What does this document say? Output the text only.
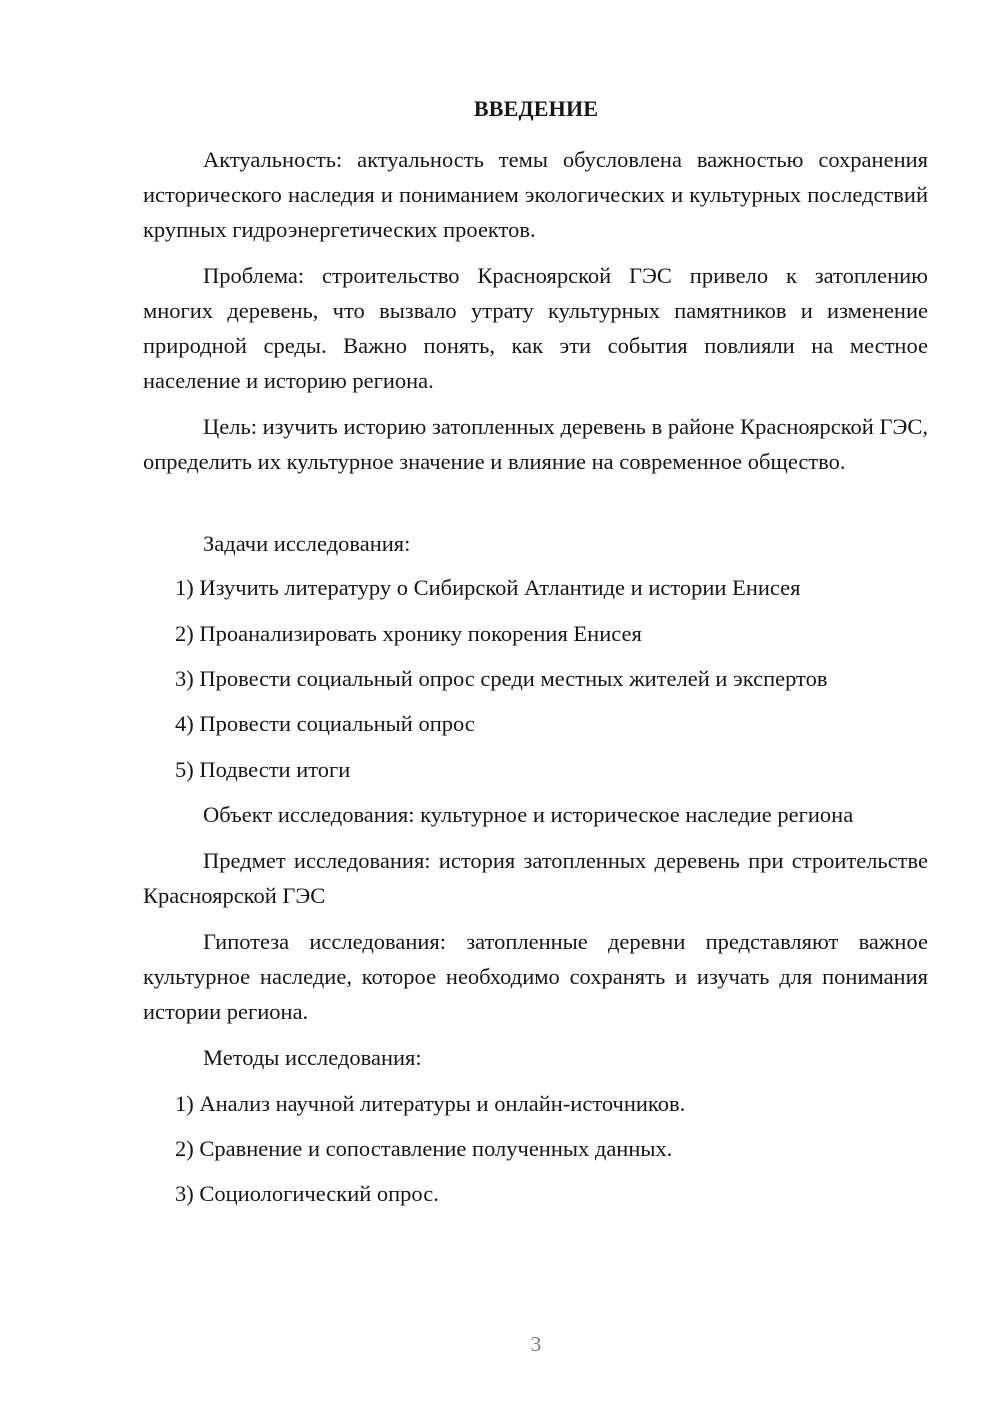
ВВЕДЕНИЕ
Актуальность: актуальность темы обусловлена важностью сохранения исторического наследия и пониманием экологических и культурных последствий крупных гидроэнергетических проектов.
Проблема: строительство Красноярской ГЭС привело к затоплению многих деревень, что вызвало утрату культурных памятников и изменение природной среды. Важно понять, как эти события повлияли на местное население и историю региона.
Цель: изучить историю затопленных деревень в районе Красноярской ГЭС, определить их культурное значение и влияние на современное общество.
Задачи исследования:
1) Изучить литературу о Сибирской Атлантиде и истории Енисея
2) Проанализировать хронику покорения Енисея
3) Провести социальный опрос среди местных жителей и экспертов
4) Провести социальный опрос
5) Подвести итоги
Объект исследования: культурное и историческое наследие региона
Предмет исследования: история затопленных деревень при строительстве Красноярской ГЭС
Гипотеза исследования: затопленные деревни представляют важное культурное наследие, которое необходимо сохранять и изучать для понимания истории региона.
Методы исследования:
1) Анализ научной литературы и онлайн-источников.
2) Сравнение и сопоставление полученных данных.
3) Социологический опрос.
3
